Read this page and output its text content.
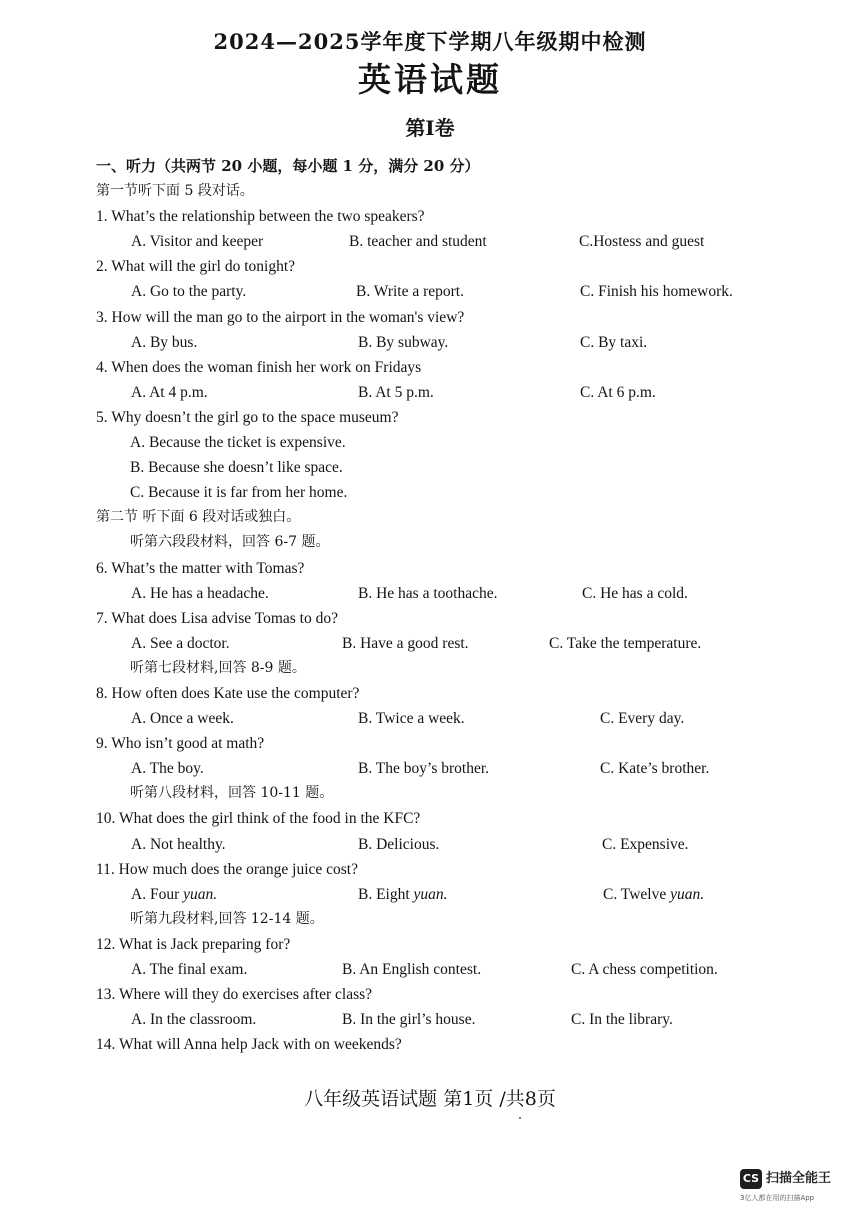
2024—2025学年度下学期八年级期中检测
英语试题
第Ⅰ卷
一、听力（共两节 20 小题，每小题 1 分，满分 20 分）
第一节听下面 5 段对话。
1. What’s the relationship between the two speakers?
A. Visitor and keeper	B. teacher and student	C.Hostess and guest
2. What will the girl do tonight?
A. Go to the party.	B. Write a report.	C. Finish his homework.
3. How will the man go to the airport in the woman's view?
A. By bus.	B. By subway.	C. By taxi.
4. When does the woman finish her work on Fridays
A. At 4 p.m.	B. At 5 p.m.	C. At 6 p.m.
5. Why doesn’t the girl go to the space museum?
A. Because the ticket is expensive.
B. Because she doesn’t like space.
C. Because it is far from her home.
第二节 听下面 6 段对话或独白。
听第六段段材料，回答 6-7 题。
6. What’s the matter with Tomas?
A. He has a headache.	B. He has a toothache.	C. He has a cold.
7. What does Lisa advise Tomas to do?
A. See a doctor.	B. Have a good rest.	C. Take the temperature.
听第七段材料,回答 8-9 题。
8. How often does Kate use the computer?
A. Once a week.	B. Twice a week.	C. Every day.
9. Who isn’t good at math?
A. The boy.	B. The boy’s brother.	C. Kate’s brother.
听第八段材料，回答 10-11 题。
10. What does the girl think of the food in the KFC?
A. Not healthy.	B. Delicious.	C. Expensive.
11. How much does the orange juice cost?
A. Four yuan.	B. Eight yuan.	C. Twelve yuan.
听第九段材料,回答 12-14 题。
12. What is Jack preparing for?
A. The final exam.	B. An English contest.	C. A chess competition.
13. Where will they do exercises after class?
A. In the classroom.	B. In the girl’s house.	C. In the library.
14. What will Anna help Jack with on weekends?
八年级英语试题 第1页 /共8页
CS 扫描全能王
3亿人都在用的扫描App
